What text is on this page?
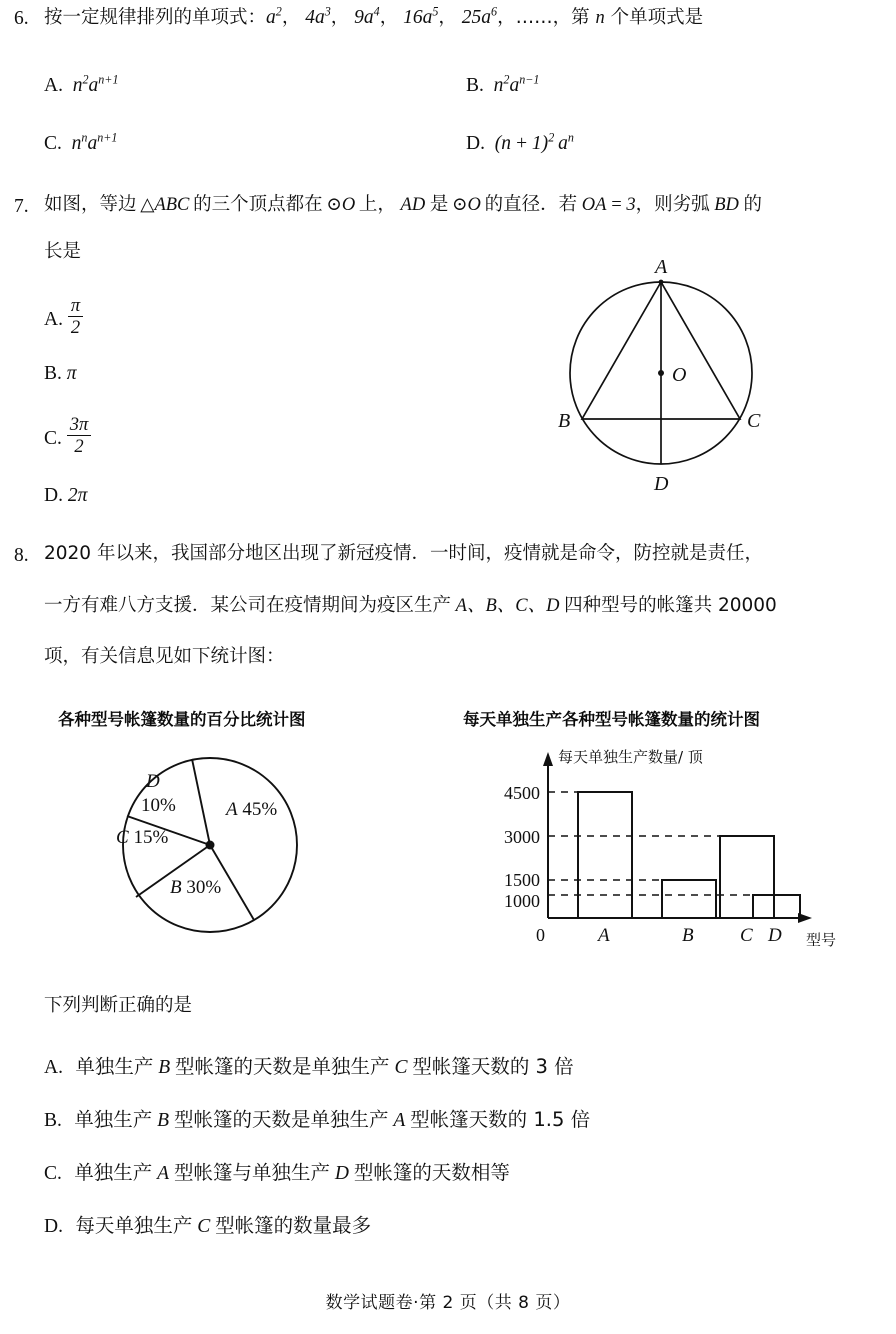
6. 按一定规律排列的单项式：$a^2$， $4a^3$， $9a^4$， $16a^5$， $25a^6$，……，第 n 个单项式是
A.  $n^2a^{n+1}$	B.  $n^2a^{n-1}$
C.  $n^na^{n+1}$	D.  $(n + 1)^2$ $a^n$
7. 如图，等边 △ABC 的三个顶点都在 ⊙O 上， AD 是 ⊙O 的直径．若 OA = 3，则劣弧 BD 的
长是
A. $\frac{\pi}{2}$
B. π
C. $\frac{3\pi}{2}$
D. 2π
A
O
B	C
D
8. 2020 年以来，我国部分地区出现了新冠疫情．一时间，疫情就是命令，防控就是责任，
一方有难八方支援．某公司在疫情期间为疫区生产 A、B、C、D 四种型号的帐篷共 20000
项，有关信息见如下统计图：
各种型号帐篷数量的百分比统计图
A 45%
B 30%
C 15%
D
10%
每天单独生产各种型号帐篷数量的统计图
4500
3000
1500
1000
0	A	B C D
每天单独生产数量/ 顶
型号
下列判断正确的是
A.  单独生产 B 型帐篷的天数是单独生产 C 型帐篷天数的 3 倍
B.  单独生产 B 型帐篷的天数是单独生产 A 型帐篷天数的 1.5 倍
C.  单独生产 A 型帐篷与单独生产 D 型帐篷的天数相等
D.  每天单独生产 C 型帐篷的数量最多
数学试题卷·第 2 页（共 8 页）
